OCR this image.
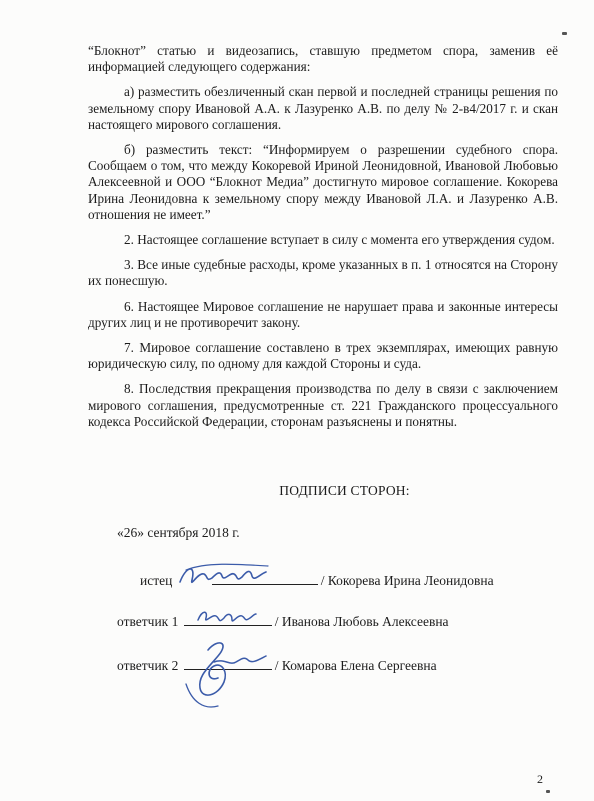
“Блокнот” статью и видеозапись, ставшую предметом спора, заменив её информацией следующего содержания:

а) разместить обезличенный скан первой и последней страницы решения по земельному спору Ивановой А.А. к Лазуренко А.В. по делу № 2-в4/2017 г. и скан настоящего мирового соглашения.

б) разместить текст: “Информируем о разрешении судебного спора. Сообщаем о том, что между Кокоревой Ириной Леонидовной, Ивановой Любовью Алексеевной и ООО “Блокнот Медиа” достигнуто мировое соглашение. Кокорева Ирина Леонидовна к земельному спору между Ивановой Л.А. и Лазуренко А.В. отношения не имеет.”

2. Настоящее соглашение вступает в силу с момента его утверждения судом.

3. Все иные судебные расходы, кроме указанных в п. 1 относятся на Сторону их понесшую.

6. Настоящее Мировое соглашение не нарушает права и законные интересы других лиц и не противоречит закону.

7. Мировое соглашение составлено в трех экземплярах, имеющих равную юридическую силу, по одному для каждой Стороны и суда.

8. Последствия прекращения производства по делу в связи с заключением мирового соглашения, предусмотренные ст. 221 Гражданского процессуального кодекса Российской Федерации, сторонам разъяснены и понятны.

ПОДПИСИ СТОРОН:
«26» сентября 2018 г.
истец	/ Кокорева Ирина Леонидовна
ответчик 1	/ Иванова Любовь Алексеевна
ответчик 2	/ Комарова Елена Сергеевна
2
